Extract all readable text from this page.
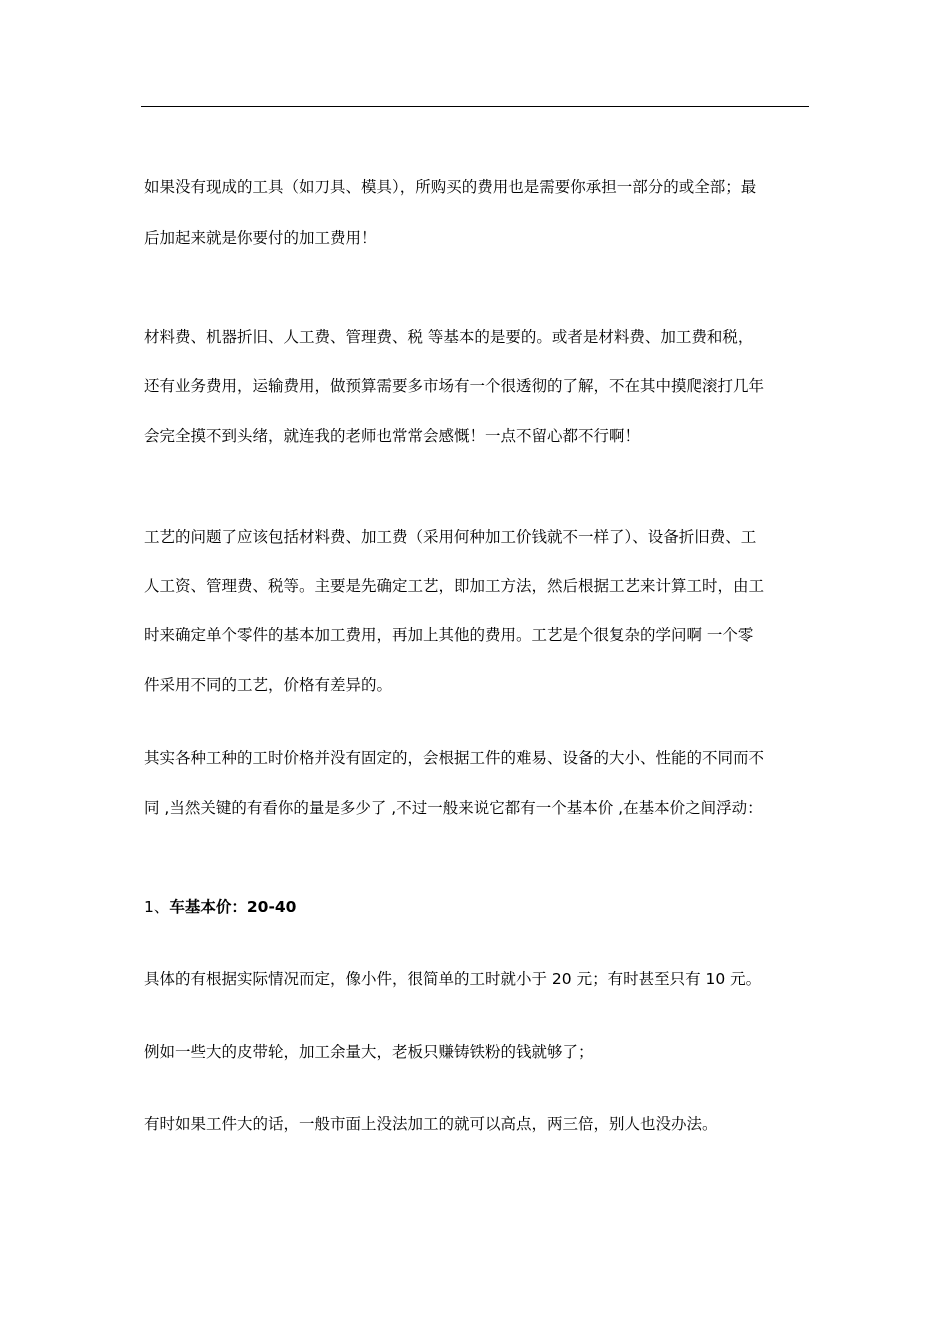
如果没有现成的工具（如刀具、模具），所购买的费用也是需要你承担一部分的或全部；最
后加起来就是你要付的加工费用！
材料费、机器折旧、人工费、管理费、税 等基本的是要的。或者是材料费、加工费和税，
还有业务费用，运输费用，做预算需要多市场有一个很透彻的了解，不在其中摸爬滚打几年
会完全摸不到头绪，就连我的老师也常常会感慨！一点不留心都不行啊！
工艺的问题了应该包括材料费、加工费（采用何种加工价钱就不一样了）、设备折旧费、工
人工资、管理费、税等。主要是先确定工艺，即加工方法，然后根据工艺来计算工时，由工
时来确定单个零件的基本加工费用，再加上其他的费用。工艺是个很复杂的学问啊 一个零
件采用不同的工艺，价格有差异的。
其实各种工种的工时价格并没有固定的，会根据工件的难易、设备的大小、性能的不同而不
同 ,当然关键的有看你的量是多少了 ,不过一般来说它都有一个基本价 ,在基本价之间浮动：
1、车基本价：20-40
具体的有根据实际情况而定，像小件，很简单的工时就小于 20 元；有时甚至只有 10 元。
例如一些大的皮带轮，加工余量大，老板只赚铸铁粉的钱就够了；
有时如果工件大的话，一般市面上没法加工的就可以高点，两三倍，别人也没办法。
